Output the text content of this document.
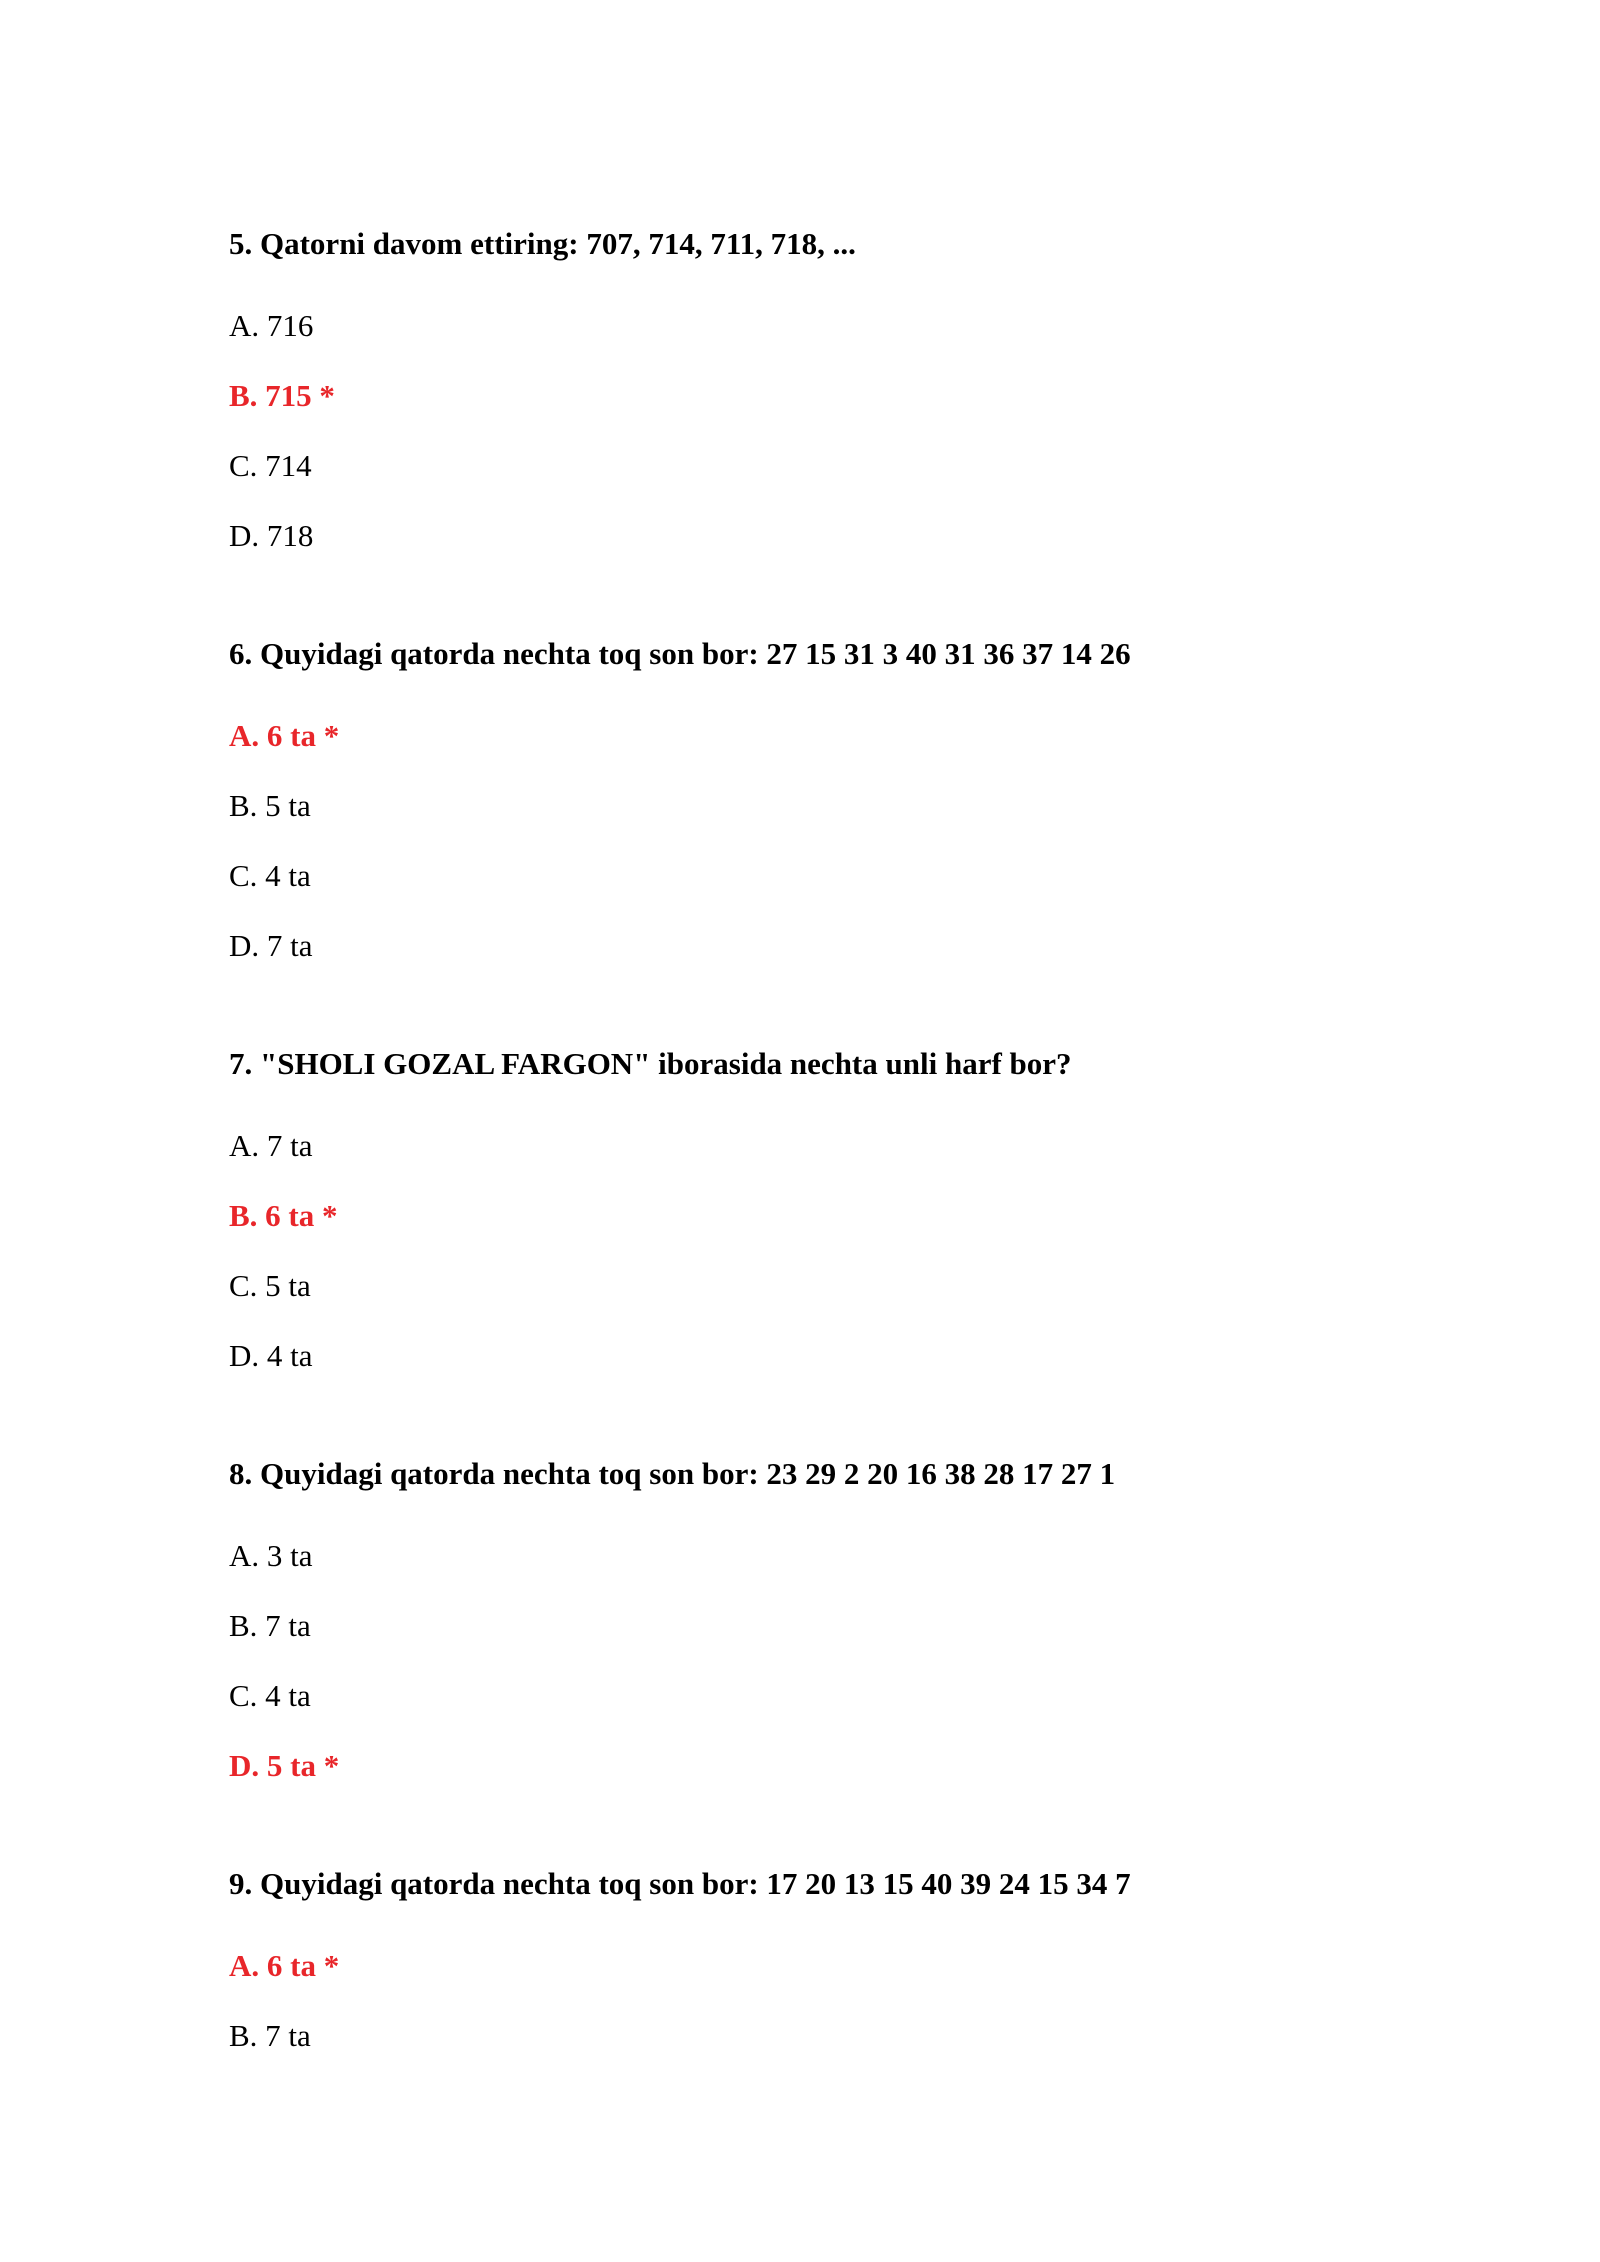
5. Qatorni davom ettiring: 707, 714, 711, 718, ...

A. 716
B. 715 *
C. 714
D. 718

6. Quyidagi qatorda nechta toq son bor: 27 15 31 3 40 31 36 37 14 26

A. 6 ta *
B. 5 ta
C. 4 ta
D. 7 ta

7. "SHOLI GOZAL FARGON" iborasida nechta unli harf bor?

A. 7 ta
B. 6 ta *
C. 5 ta
D. 4 ta

8. Quyidagi qatorda nechta toq son bor: 23 29 2 20 16 38 28 17 27 1

A. 3 ta
B. 7 ta
C. 4 ta
D. 5 ta *

9. Quyidagi qatorda nechta toq son bor: 17 20 13 15 40 39 24 15 34 7

A. 6 ta *
B. 7 ta
